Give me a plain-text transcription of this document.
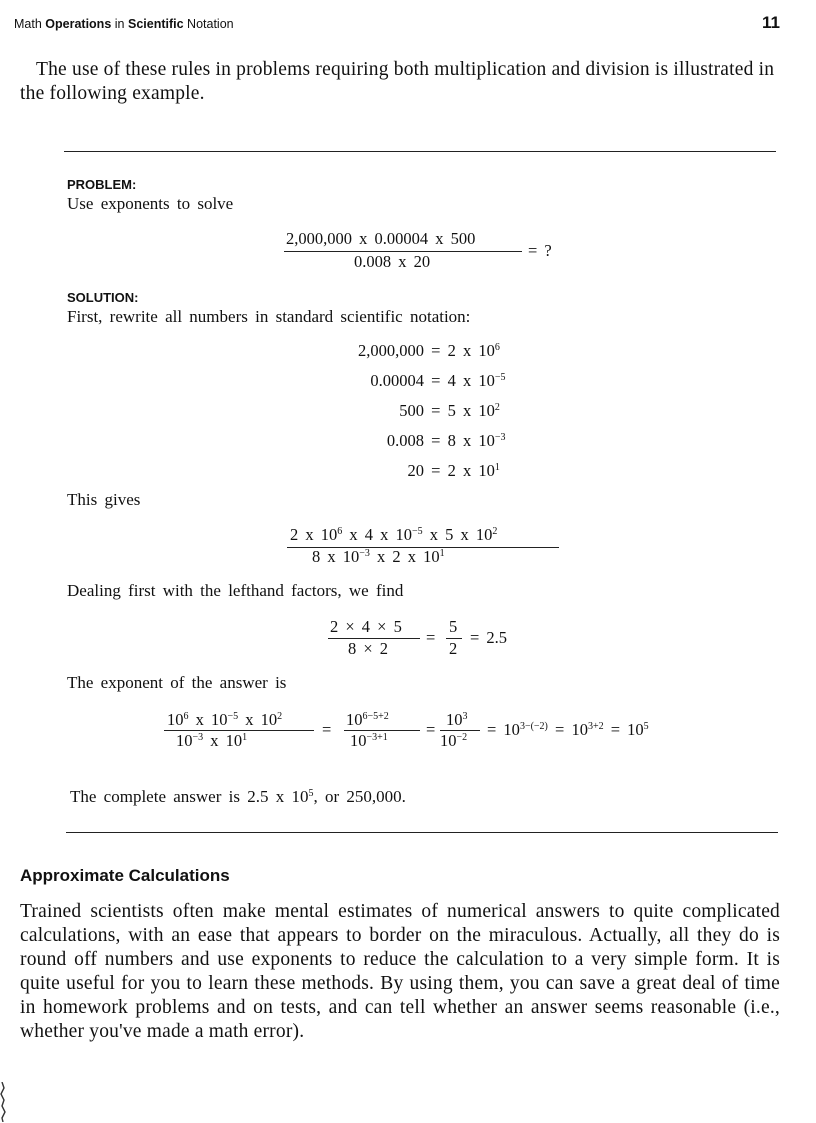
Math Operations in Scientific Notation	11
The use of these rules in problems requiring both multiplication and division is illustrated in the following example.
PROBLEM:
Use exponents to solve
2,000,000 x 0.00004 x 500
0.008 x 20
= ?
SOLUTION:
First, rewrite all numbers in standard scientific notation:
2,000,000 = 2 x $10^6$
0.00004 = 4 x $10^{-5}$
500 = 5 x $10^2$
0.008 = 8 x $10^{-3}$
20 = 2 x $10^1$
This gives
2 x $10^6$ x 4 x $10^{-5}$ x 5 x $10^2$
8 x $10^{-3}$ x 2 x $10^1$
Dealing first with the lefthand factors, we find
2 × 4 × 5
8 × 2
=
5
2
= 2.5
The exponent of the answer is
$10^6$ x $10^{-5}$ x $10^2$
$10^{-3}$ x $10^1$	=
$10^{6-5+2}$
$10^{-3+1}$ =
$10^3$
$10^{-2} = 10^{3-(-2)} = 10^{3+2} = 10^5$
The complete answer is 2.5 x $10^5$, or 250,000.
Approximate Calculations
Trained scientists often make mental estimates of numerical answers to quite complicated calculations, with an ease that appears to border on the miraculous. Actually, all they do is round off numbers and use exponents to reduce the calculation to a very simple form. It is quite useful for you to learn these methods. By using them, you can save a great deal of time in homework problems and on tests, and can tell whether an answer seems reasonable (i.e., whether you've made a math error).
